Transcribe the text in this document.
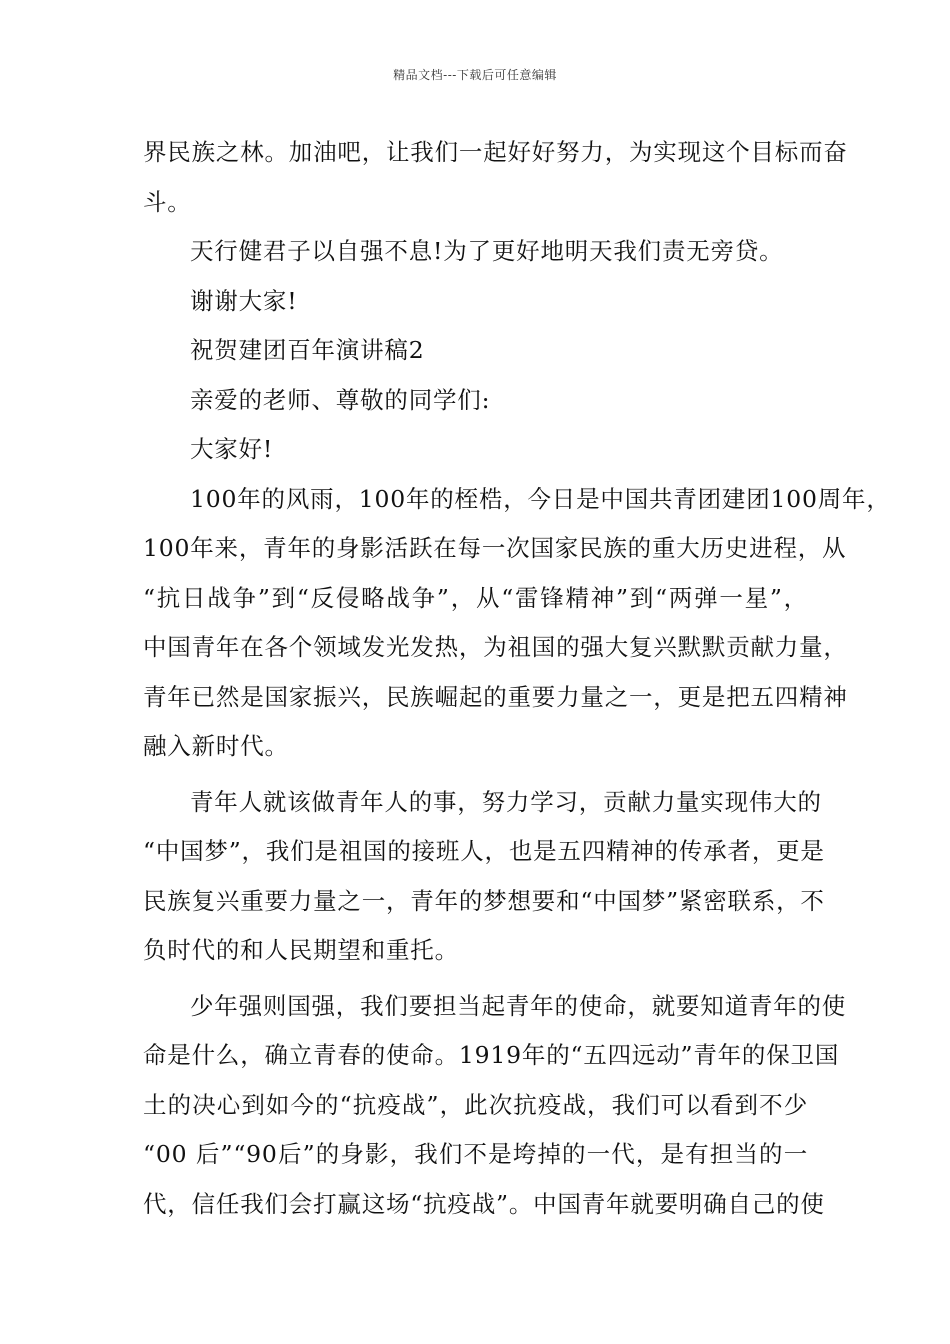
精品文档---下载后可任意编辑
界民族之林。加油吧，让我们一起好好努力，为实现这个目标而奋
斗。
天行健君子以自强不息!为了更好地明天我们责无旁贷。
谢谢大家!
祝贺建团百年演讲稿2
亲爱的老师、尊敬的同学们:
大家好!
100年的风雨，100年的桎梏，今日是中国共青团建团100周年，
100年来，青年的身影活跃在每一次国家民族的重大历史进程，从
“抗日战争”到“反侵略战争”，从“雷锋精神”到“两弹一星”，
中国青年在各个领域发光发热，为祖国的强大复兴默默贡献力量，
青年已然是国家振兴，民族崛起的重要力量之一，更是把五四精神
融入新时代。
青年人就该做青年人的事，努力学习，贡献力量实现伟大的
“中国梦”，我们是祖国的接班人，也是五四精神的传承者，更是
民族复兴重要力量之一，青年的梦想要和“中国梦”紧密联系，不
负时代的和人民期望和重托。
少年强则国强，我们要担当起青年的使命，就要知道青年的使
命是什么，确立青春的使命。1919年的“五四远动”青年的保卫国
土的决心到如今的“抗疫战”，此次抗疫战，我们可以看到不少
“00 后”“90后”的身影，我们不是垮掉的一代，是有担当的一
代，信任我们会打赢这场“抗疫战”。中国青年就要明确自己的使
